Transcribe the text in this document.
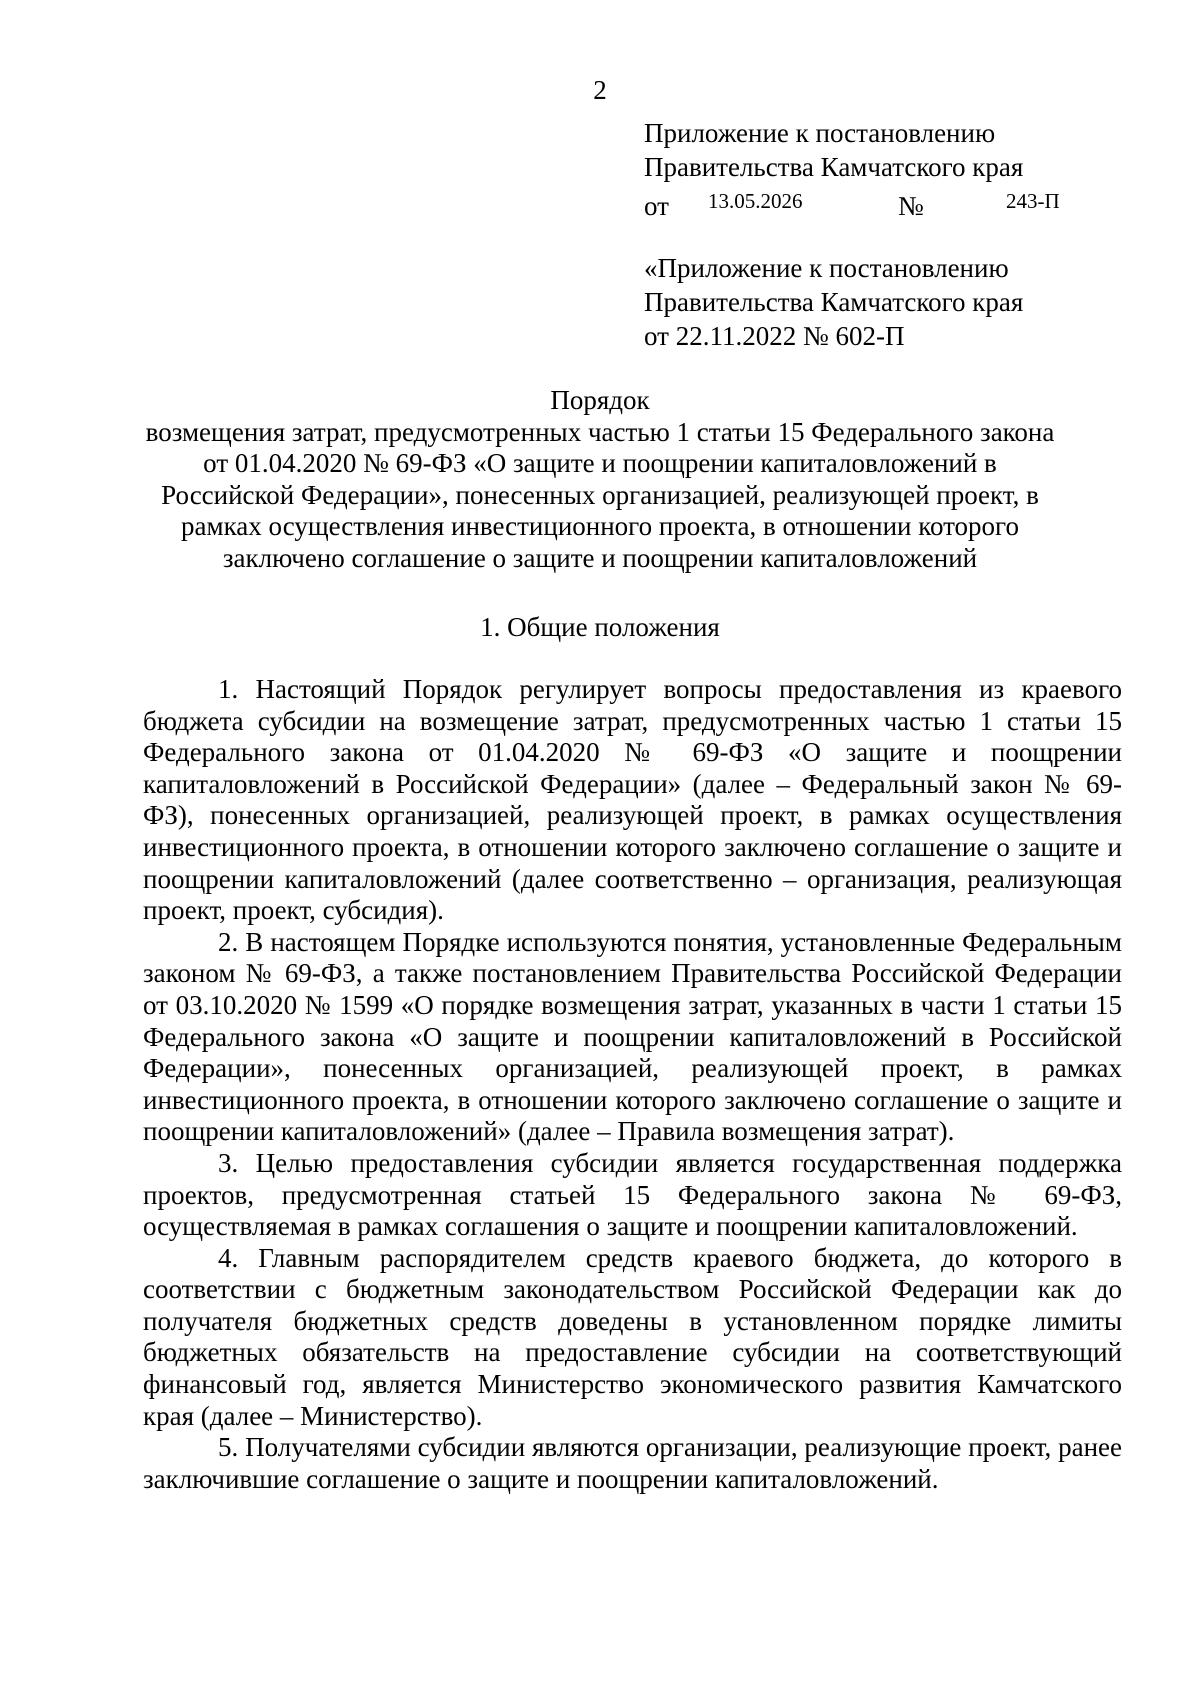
2
Приложение к постановлению
Правительства Камчатского края
от 13.05.2026	№	243-П
«Приложение к постановлению
Правительства Камчатского края
от 22.11.2022 № 602-П
Порядок
возмещения затрат, предусмотренных частью 1 статьи 15 Федерального закона
от 01.04.2020 № 69-ФЗ «О защите и поощрении капиталовложений в
Российской Федерации», понесенных организацией, реализующей проект, в
рамках осуществления инвестиционного проекта, в отношении которого
заключено соглашение о защите и поощрении капиталовложений
1. Общие положения

1. Настоящий Порядок регулирует вопросы предоставления из краевого бюджета субсидии на возмещение затрат, предусмотренных частью 1 статьи 15 Федерального закона от 01.04.2020 № 69-ФЗ «О защите и поощрении капиталовложений в Российской Федерации» (далее – Федеральный закон № 69-ФЗ), понесенных организацией, реализующей проект, в рамках осуществления инвестиционного проекта, в отношении которого заключено соглашение о защите и поощрении капиталовложений (далее соответственно – организация, реализующая проект, проект, субсидия).

2. В настоящем Порядке используются понятия, установленные Федеральным законом № 69-ФЗ, а также постановлением Правительства Российской Федерации от 03.10.2020 № 1599 «О порядке возмещения затрат, указанных в части 1 статьи 15 Федерального закона «О защите и поощрении капиталовложений в Российской Федерации», понесенных организацией, реализующей проект, в рамках инвестиционного проекта, в отношении которого заключено соглашение о защите и поощрении капиталовложений» (далее – Правила возмещения затрат).

3. Целью предоставления субсидии является государственная поддержка проектов, предусмотренная статьей 15 Федерального закона № 69-ФЗ, осуществляемая в рамках соглашения о защите и поощрении капиталовложений.

4. Главным распорядителем средств краевого бюджета, до которого в соответствии с бюджетным законодательством Российской Федерации как до получателя бюджетных средств доведены в установленном порядке лимиты бюджетных обязательств на предоставление субсидии на соответствующий финансовый год, является Министерство экономического развития Камчатского края (далее – Министерство).

5. Получателями субсидии являются организации, реализующие проект, ранее заключившие соглашение о защите и поощрении капиталовложений.
